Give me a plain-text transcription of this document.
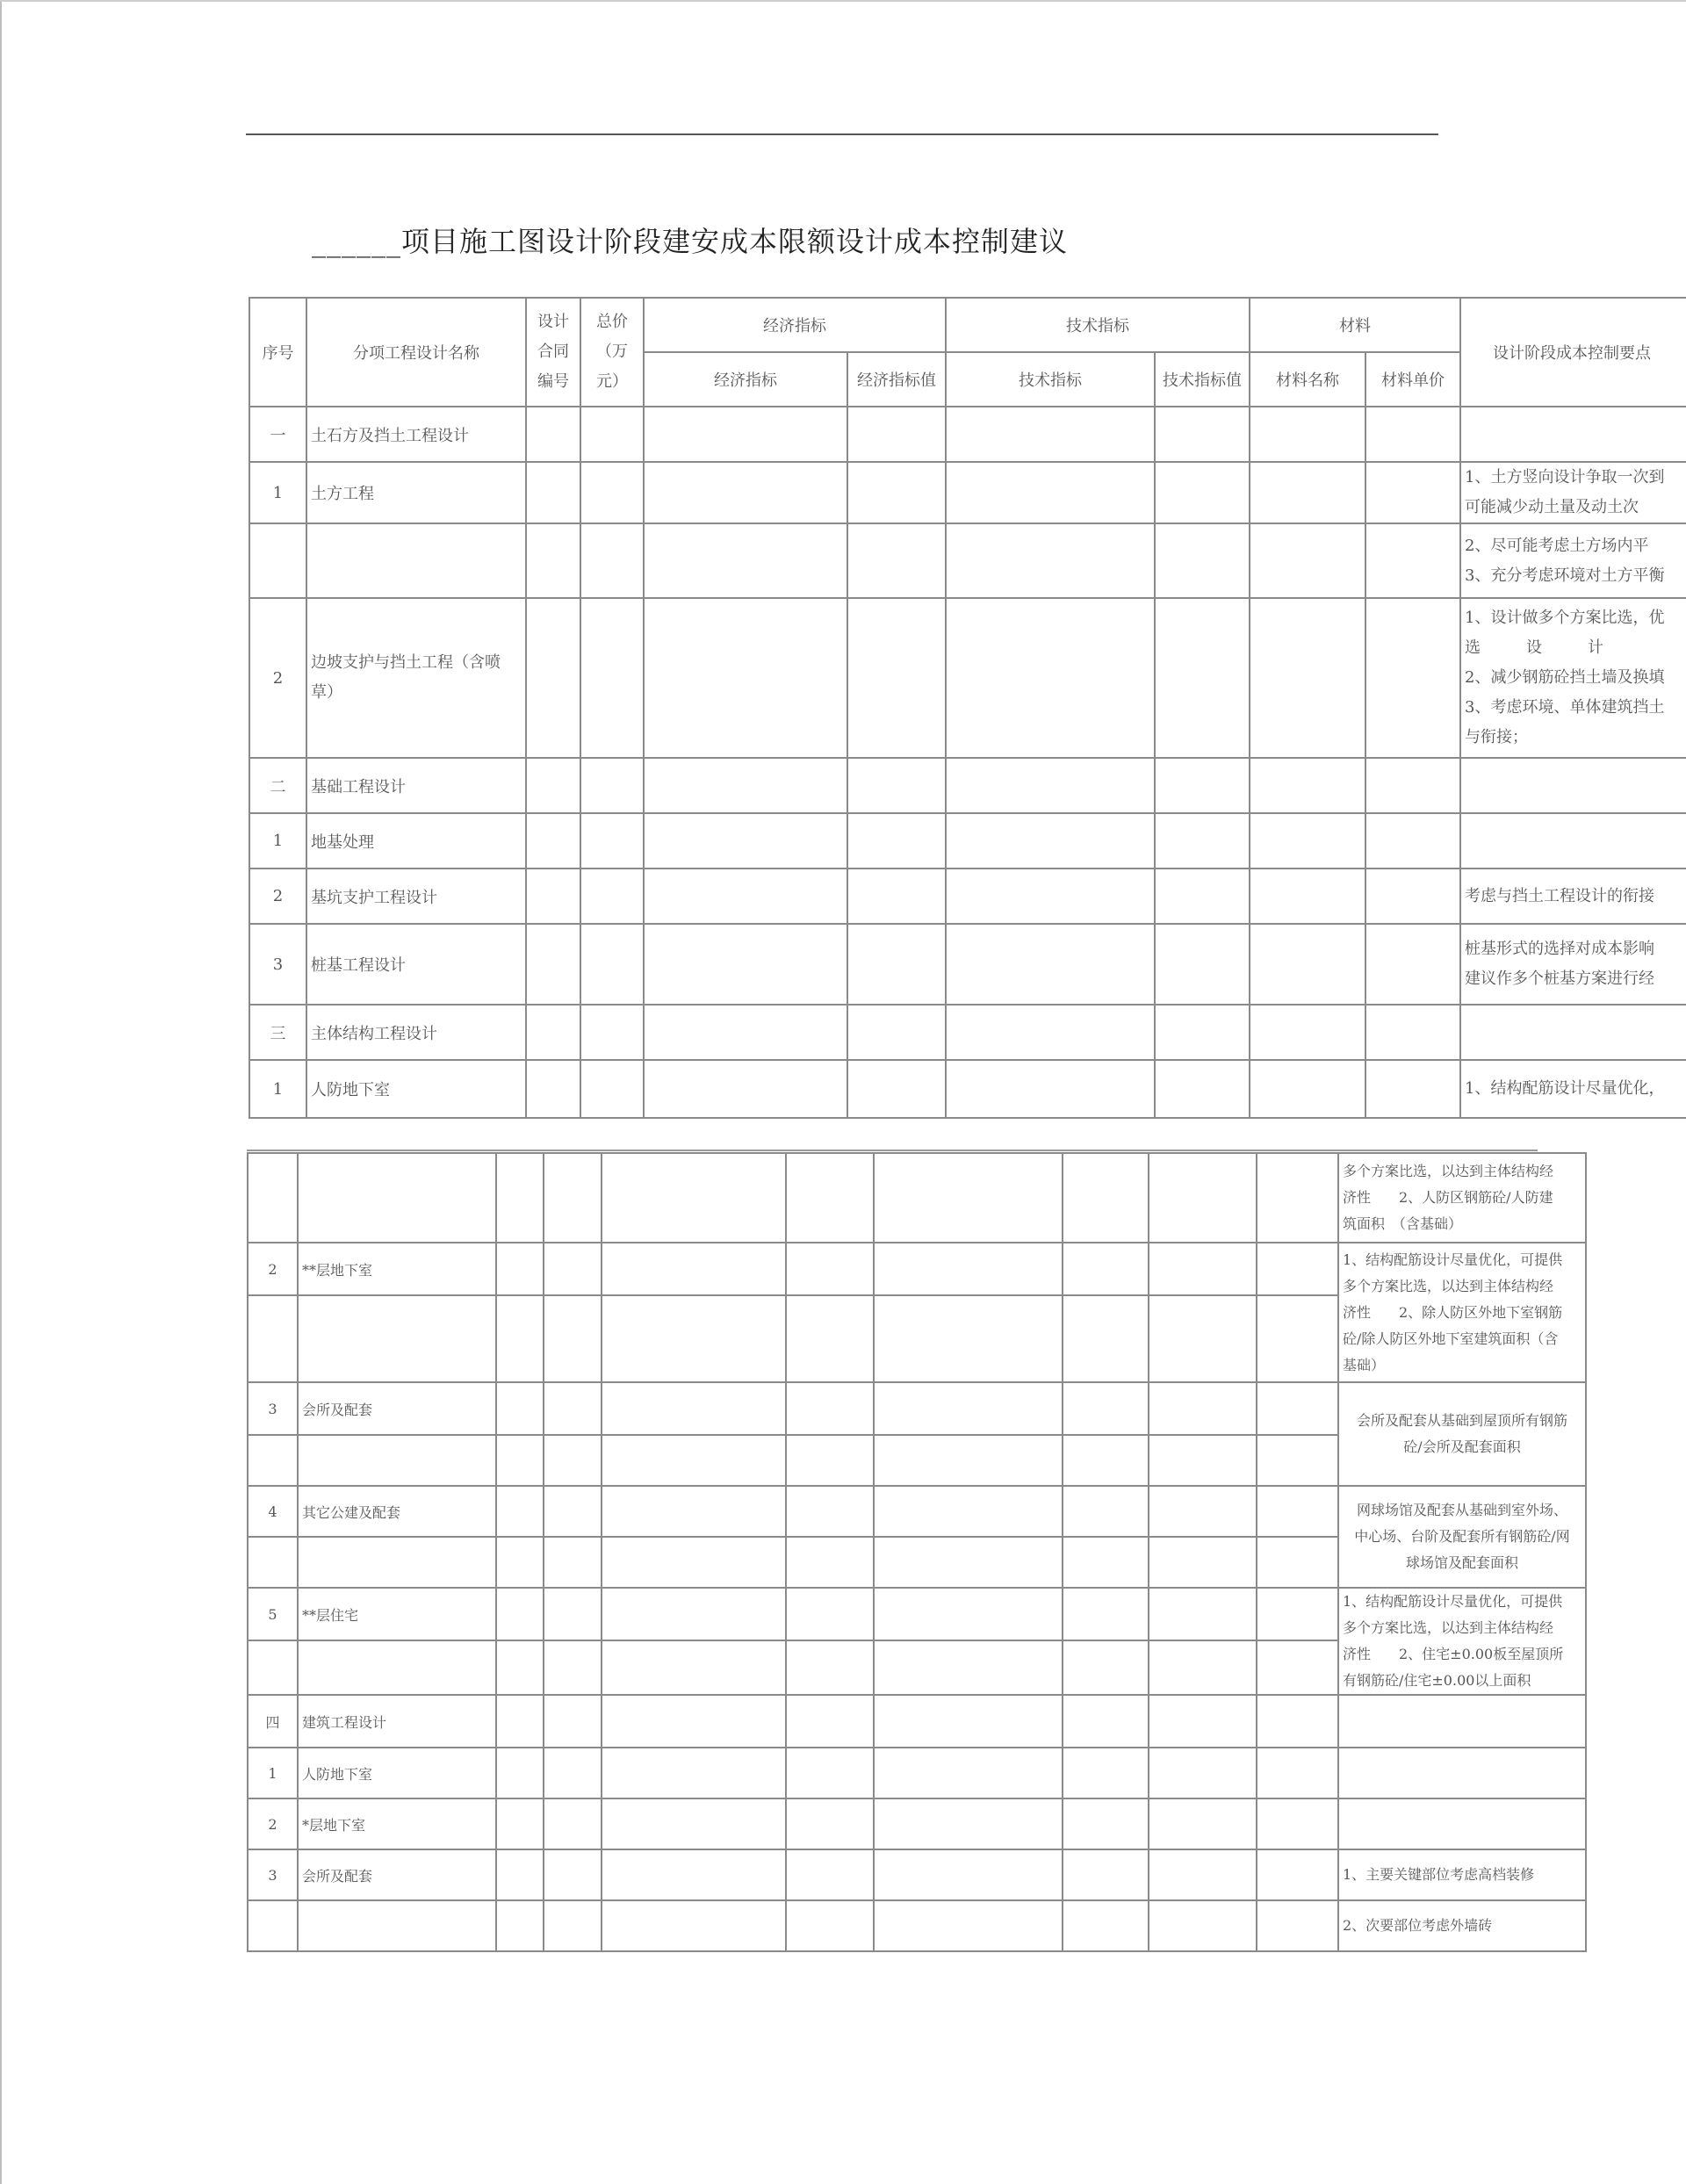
______项目施工图设计阶段建安成本限额设计成本控制建议
序号	分项工程设计名称	设计合同编号	总价（万元）	经济指标		技术指标		材料		设计阶段成本控制要点
				经济指标	经济指标值	技术指标	技术指标值	材料名称	材料单价	
一	土石方及挡土工程设计									
1	土方工程									1、土方竖向设计争取一次到
可能减少动土量及动土次

										2、尽可能考虑土方场内平
3、充分考虑环境对土方平衡

2	边坡支护与挡土工程（含喷草）									1、设计做多个方案比选，优
选设计
2、减少钢筋砼挡土墙及换填
3、考虑环境、单体建筑挡土
与衔接；

二	基础工程设计									
1	地基处理									
2	基坑支护工程设计									考虑与挡土工程设计的衔接
3	桩基工程设计									桩基形式的选择对成本影响
建议作多个桩基方案进行经

三	主体结构工程设计									
1	人防地下室									1、结构配筋设计尽量优化，

										多个方案比选，以达到主体结构经
济性　　2、人防区钢筋砼/人防建
筑面积　（含基础）

2	**层地下室									1、结构配筋设计尽量优化，可提供
多个方案比选，以达到主体结构经
济性　　2、除人防区外地下室钢筋
砼/除人防区外地下室建筑面积（含
基础）

3	会所及配套									会所及配套从基础到屋顶所有钢筋
砼/会所及配套面积

4	其它公建及配套									网球场馆及配套从基础到室外场、
中心场、台阶及配套所有钢筋砼/网
球场馆及配套面积

5	**层住宅									1、结构配筋设计尽量优化，可提供
多个方案比选，以达到主体结构经
济性　　2、住宅±0.00板至屋顶所
有钢筋砼/住宅±0.00以上面积

四	建筑工程设计									
1	人防地下室									
2	*层地下室									
3	会所及配套									1、主要关键部位考虑高档装修
										2、次要部位考虑外墙砖
